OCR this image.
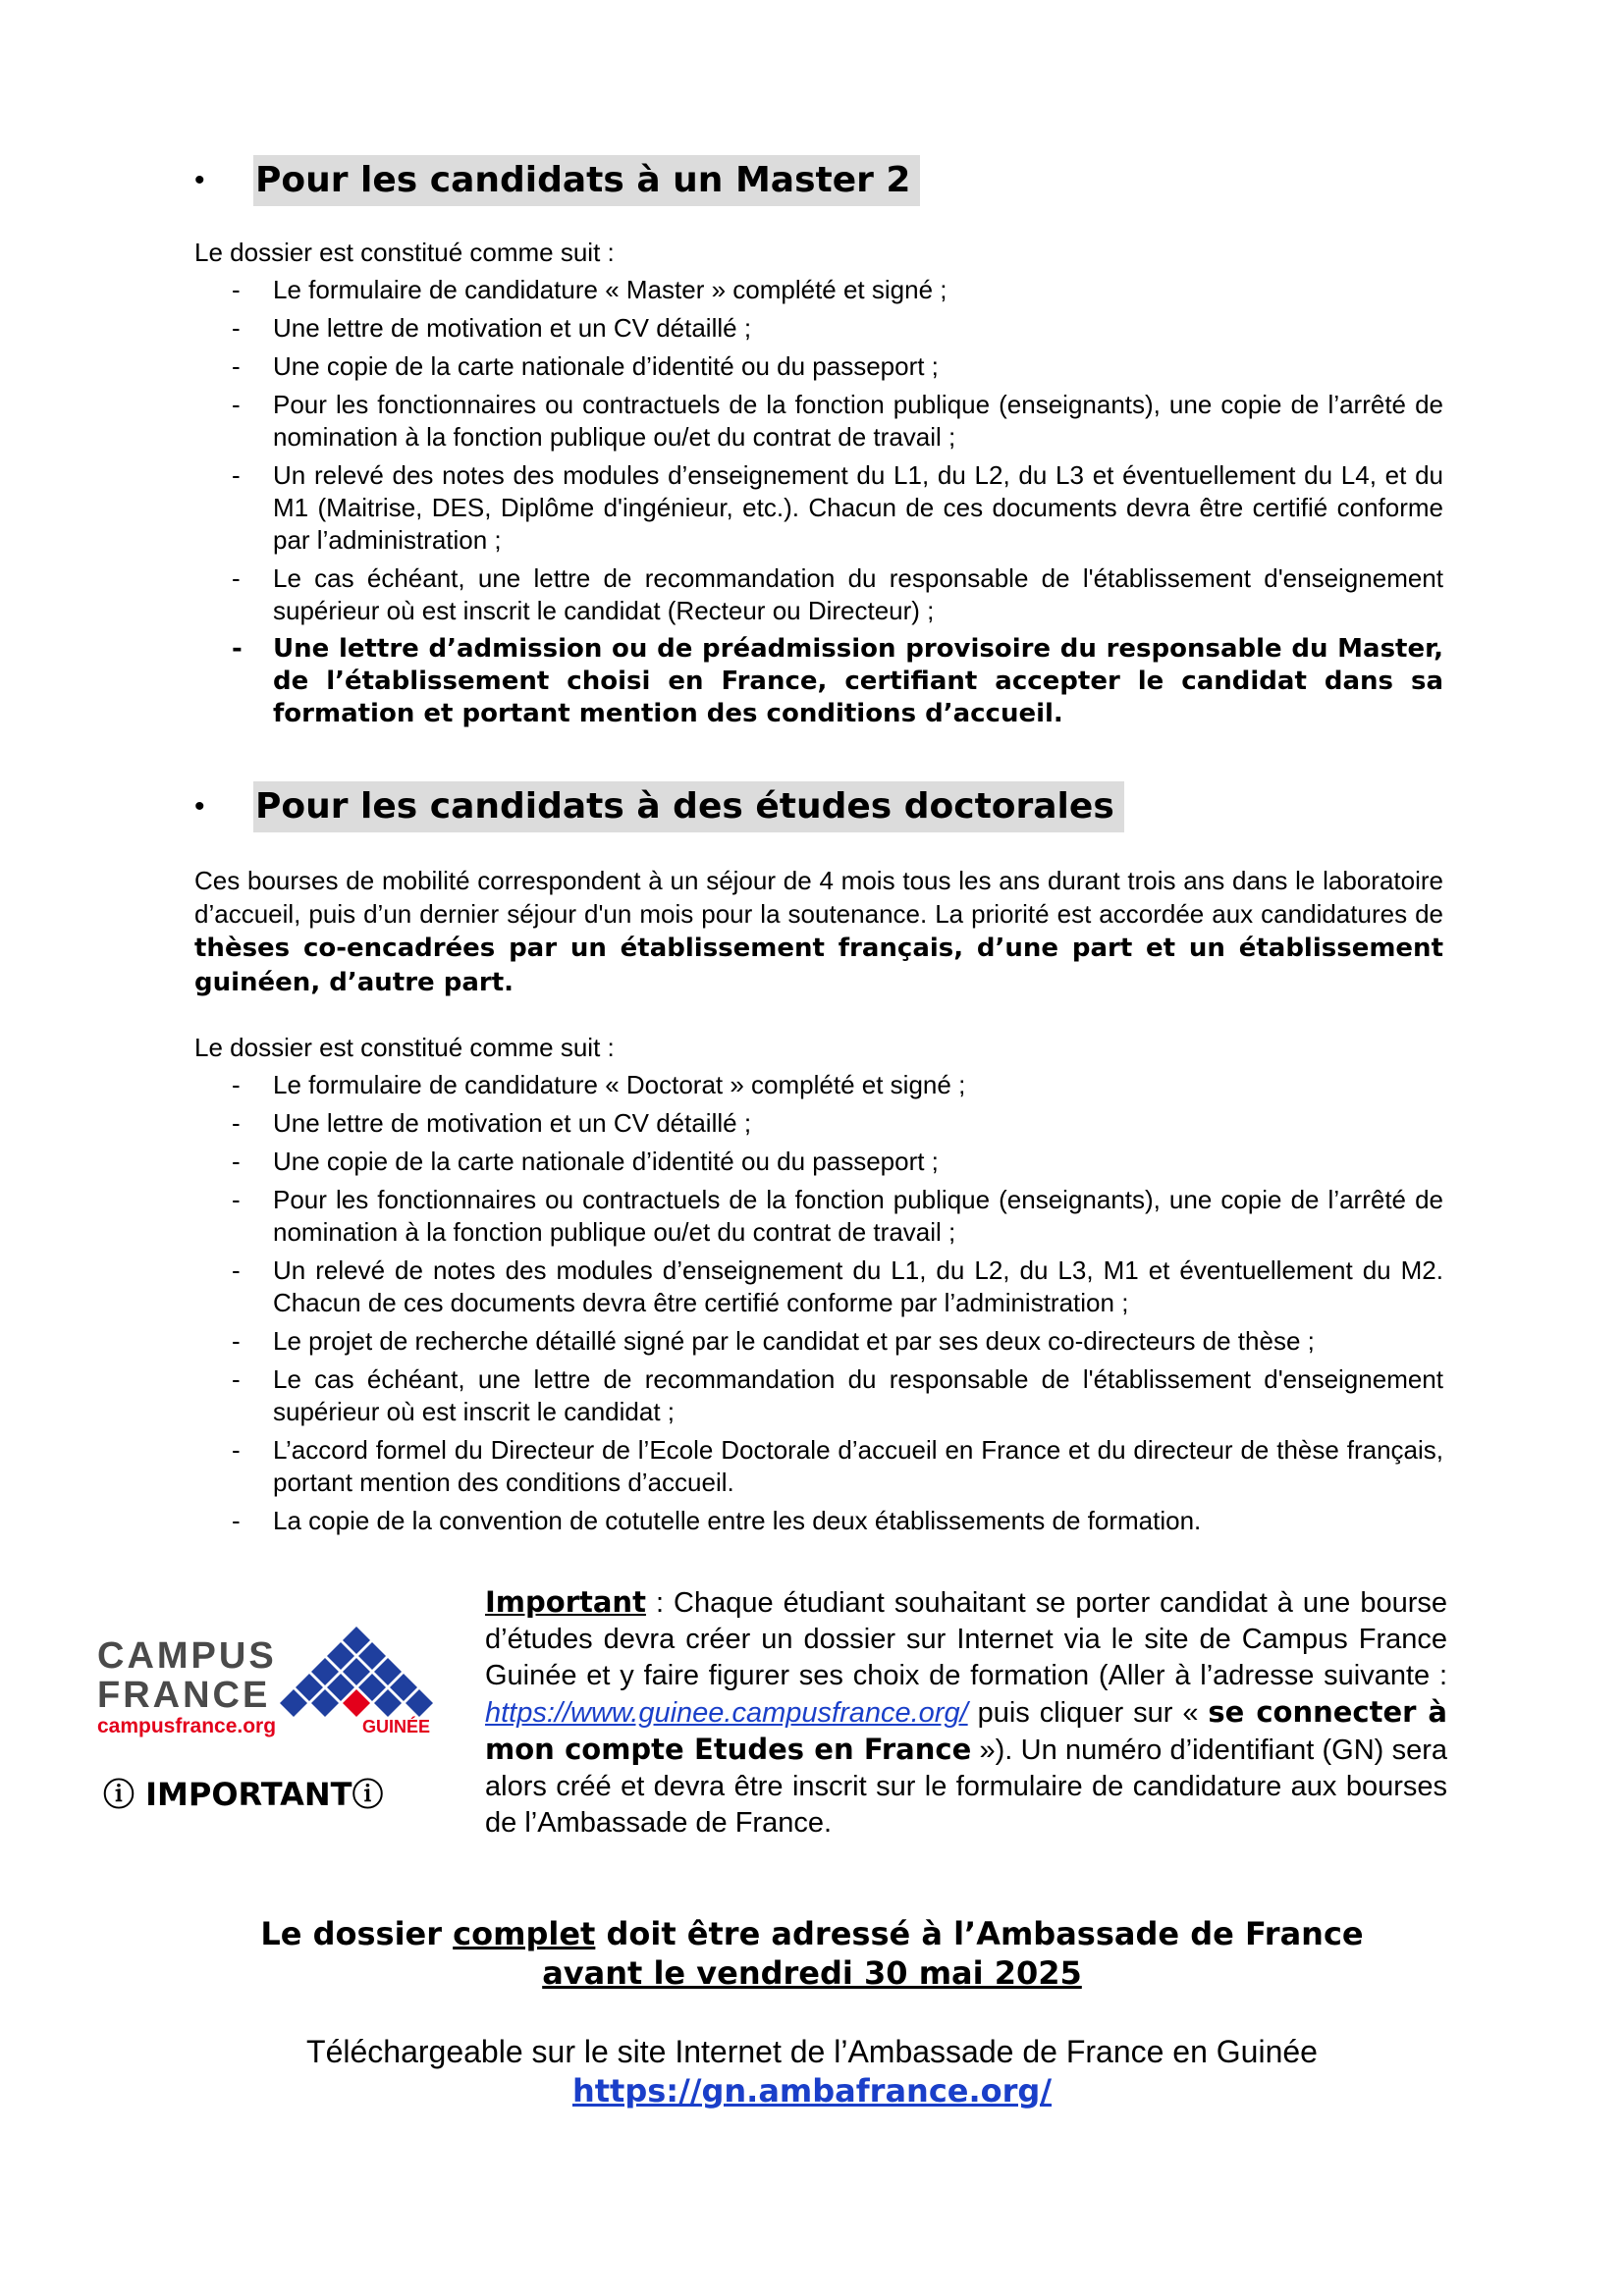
•	Pour les candidats à un Master 2
Le dossier est constitué comme suit :
- Le formulaire de candidature « Master » complété et signé ;
- Une lettre de motivation et un CV détaillé ;
- Une copie de la carte nationale d’identité ou du passeport ;
- Pour les fonctionnaires ou contractuels de la fonction publique (enseignants), une copie de l’arrêté de nomination à la fonction publique ou/et du contrat de travail ;
- Un relevé des notes des modules d’enseignement du L1, du L2, du L3 et éventuellement du L4, et du M1 (Maitrise, DES, Diplôme d'ingénieur, etc.). Chacun de ces documents devra être certifié conforme par l’administration ;
- Le cas échéant, une lettre de recommandation du responsable de l'établissement d'enseignement supérieur où est inscrit le candidat (Recteur ou Directeur) ;
- Une lettre d’admission ou de préadmission provisoire du responsable du Master, de l’établissement choisi en France, certifiant accepter le candidat dans sa formation et portant mention des conditions d’accueil.
•	Pour les candidats à des études doctorales
Ces bourses de mobilité correspondent à un séjour de 4 mois tous les ans durant trois ans dans le laboratoire d’accueil, puis d’un dernier séjour d'un mois pour la soutenance. La priorité est accordée aux candidatures de thèses co-encadrées par un établissement français, d’une part et un établissement guinéen, d’autre part.
Le dossier est constitué comme suit :
- Le formulaire de candidature « Doctorat » complété et signé ;
- Une lettre de motivation et un CV détaillé ;
- Une copie de la carte nationale d’identité ou du passeport ;
- Pour les fonctionnaires ou contractuels de la fonction publique (enseignants), une copie de l’arrêté de nomination à la fonction publique ou/et du contrat de travail ;
- Un relevé de notes des modules d’enseignement du L1, du L2, du L3, M1 et éventuellement du M2. Chacun de ces documents devra être certifié conforme par l’administration ;
- Le projet de recherche détaillé signé par le candidat et par ses deux co-directeurs de thèse ;
- Le cas échéant, une lettre de recommandation du responsable de l'établissement d'enseignement supérieur où est inscrit le candidat ;
- L’accord formel du Directeur de l’Ecole Doctorale d’accueil en France et du directeur de thèse français, portant mention des conditions d’accueil.
- La copie de la convention de cotutelle entre les deux établissements de formation.
CAMPUS
FRANCE
campusfrance.org	GUINÉE
ⓘ IMPORTANTⓘ
Important : Chaque étudiant souhaitant se porter candidat à une bourse d’études devra créer un dossier sur Internet via le site de Campus France Guinée et y faire figurer ses choix de formation (Aller à l’adresse suivante : https://www.guinee.campusfrance.org/ puis cliquer sur « se connecter à mon compte Etudes en France »). Un numéro d’identifiant (GN) sera alors créé et devra être inscrit sur le formulaire de candidature aux bourses de l’Ambassade de France.
Le dossier complet doit être adressé à l’Ambassade de France
avant le vendredi 30 mai 2025
Téléchargeable sur le site Internet de l’Ambassade de France en Guinée
https://gn.ambafrance.org/
